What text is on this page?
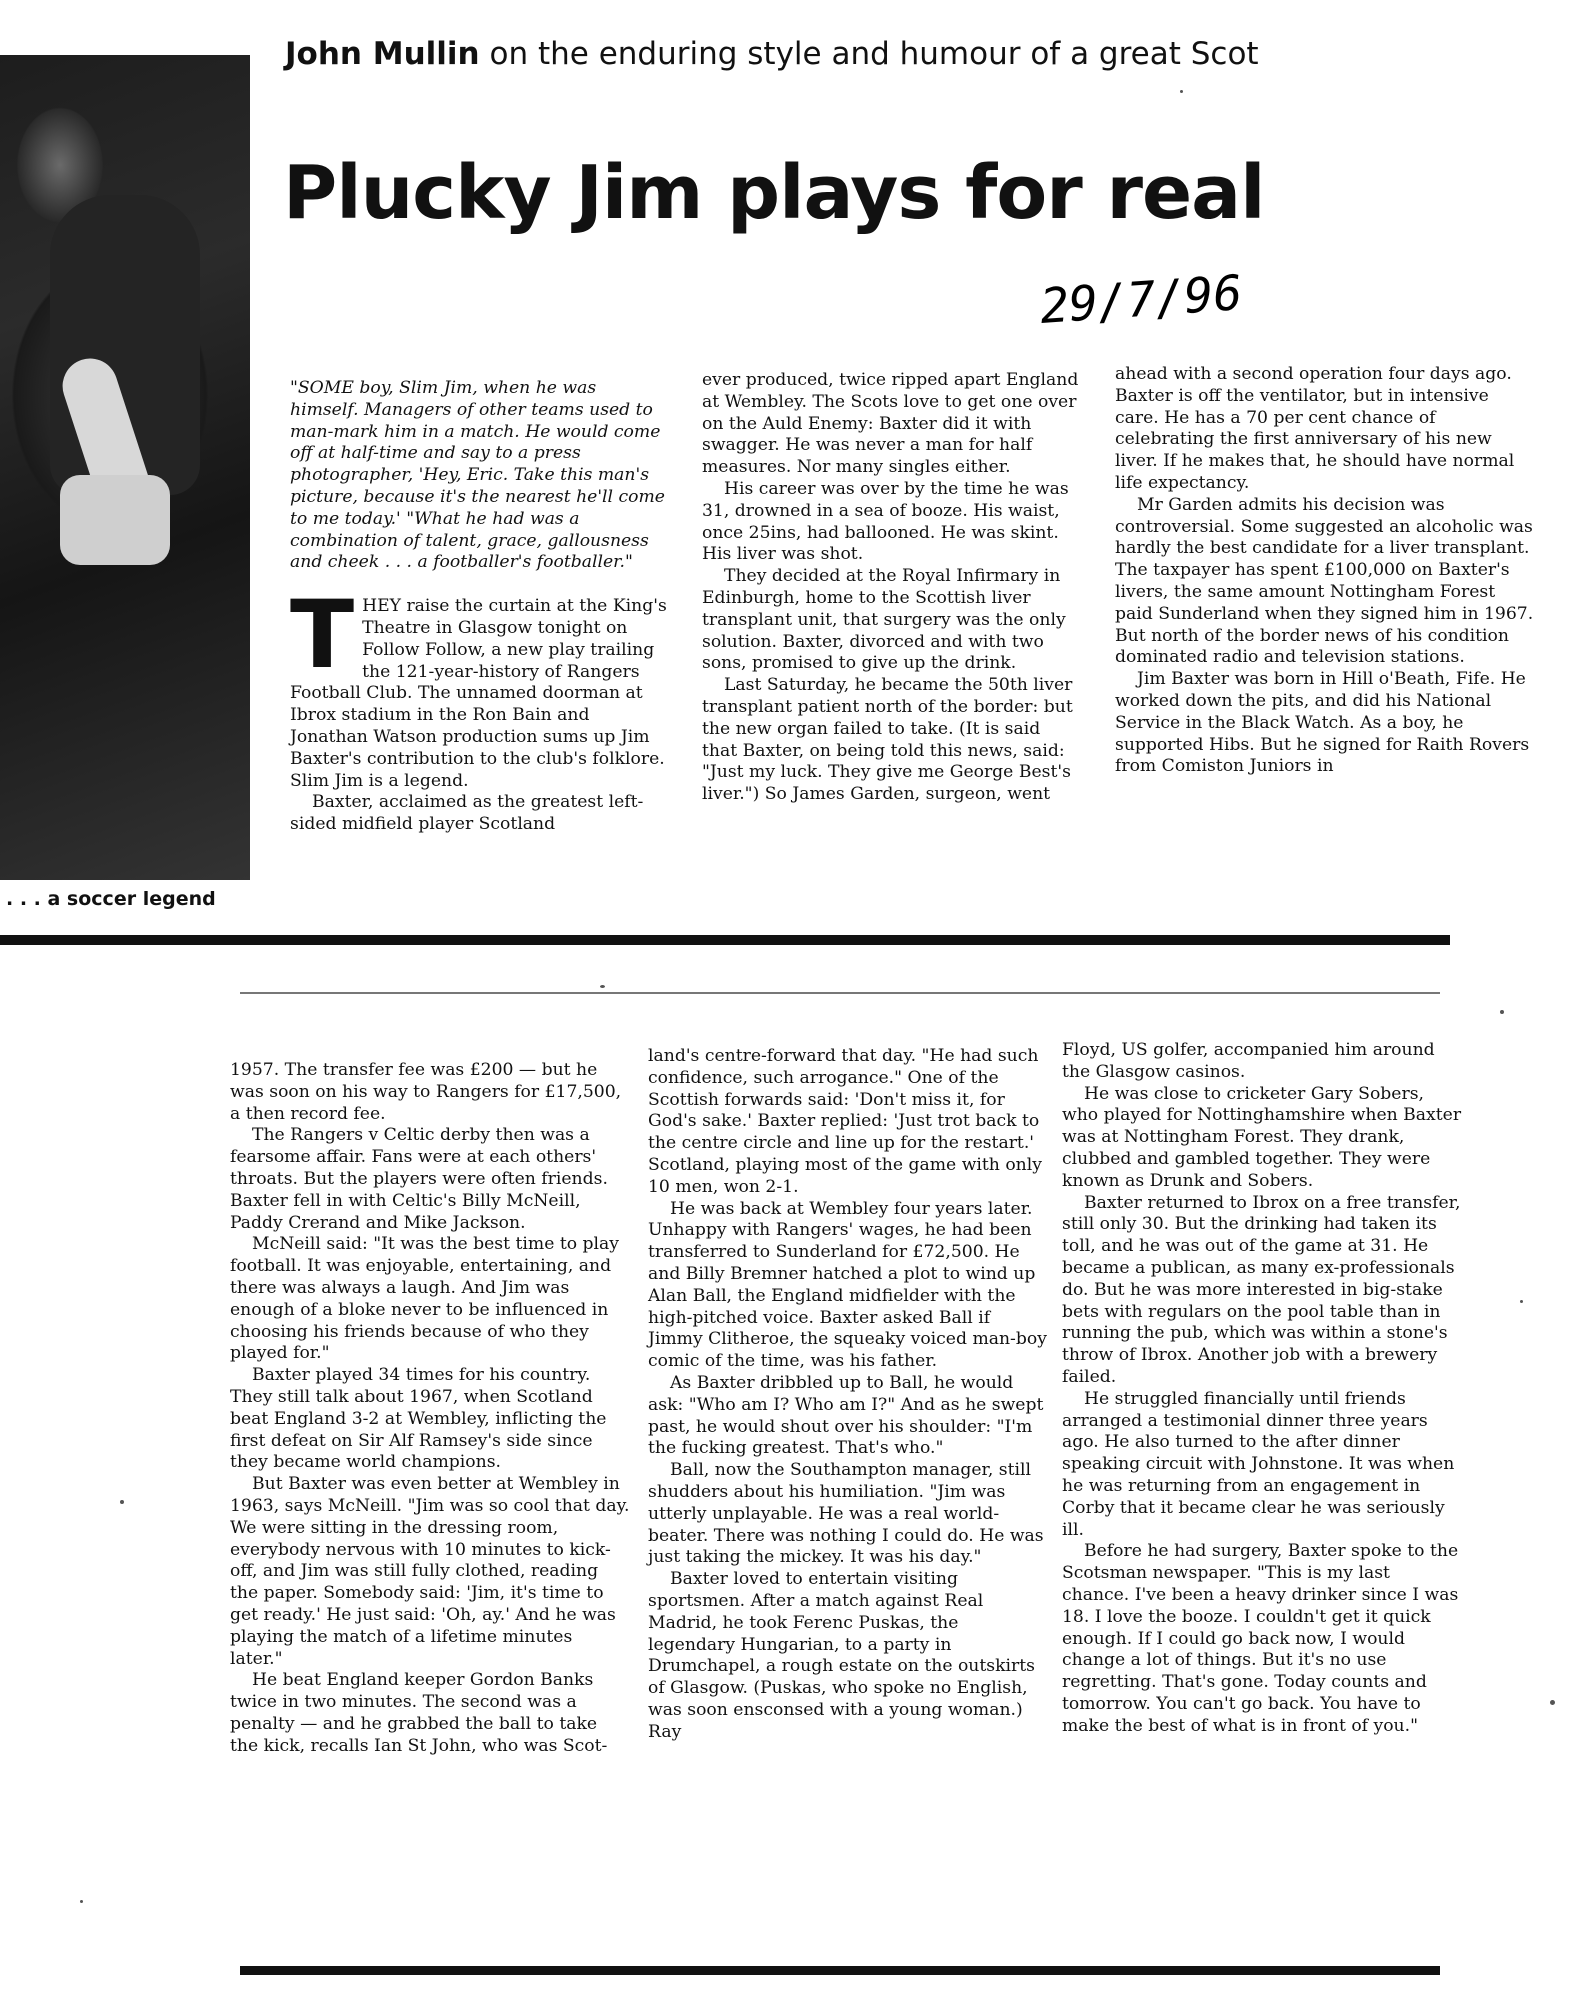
. . . a soccer legend
John Mullin on the enduring style and humour of a great Scot
Plucky Jim plays for real
29/7/96

"SOME boy, Slim Jim, when he was himself. Managers of other teams used to man-mark him in a match. He would come off at half-time and say to a press photographer, 'Hey, Eric. Take this man's picture, because it's the nearest he'll come to me today.' "What he had was a combination of talent, grace, gallousness and cheek . . . a footballer's footballer."

THEY raise the curtain at the King's Theatre in Glasgow tonight on Follow Follow, a new play trailing the 121-year-history of Rangers Football Club. The unnamed doorman at Ibrox stadium in the Ron Bain and Jonathan Watson production sums up Jim Baxter's contribution to the club's folklore. Slim Jim is a legend.

Baxter, acclaimed as the greatest left-sided midfield player Scotland

ever produced, twice ripped apart England at Wembley. The Scots love to get one over on the Auld Enemy: Baxter did it with swagger. He was never a man for half measures. Nor many singles either.

His career was over by the time he was 31, drowned in a sea of booze. His waist, once 25ins, had ballooned. He was skint. His liver was shot.

They decided at the Royal Infirmary in Edinburgh, home to the Scottish liver transplant unit, that surgery was the only solution. Baxter, divorced and with two sons, promised to give up the drink.

Last Saturday, he became the 50th liver transplant patient north of the border: but the new organ failed to take. (It is said that Baxter, on being told this news, said: "Just my luck. They give me George Best's liver.") So James Garden, surgeon, went

ahead with a second operation four days ago. Baxter is off the ventilator, but in intensive care. He has a 70 per cent chance of celebrating the first anniversary of his new liver. If he makes that, he should have normal life expectancy.

Mr Garden admits his decision was controversial. Some suggested an alcoholic was hardly the best candidate for a liver transplant. The taxpayer has spent £100,000 on Baxter's livers, the same amount Nottingham Forest paid Sunderland when they signed him in 1967. But north of the border news of his condition dominated radio and television stations.

Jim Baxter was born in Hill o'Beath, Fife. He worked down the pits, and did his National Service in the Black Watch. As a boy, he supported Hibs. But he signed for Raith Rovers from Comiston Juniors in

1957. The transfer fee was £200 — but he was soon on his way to Rangers for £17,500, a then record fee.

The Rangers v Celtic derby then was a fearsome affair. Fans were at each others' throats. But the players were often friends. Baxter fell in with Celtic's Billy McNeill, Paddy Crerand and Mike Jackson.

McNeill said: "It was the best time to play football. It was enjoyable, entertaining, and there was always a laugh. And Jim was enough of a bloke never to be influenced in choosing his friends because of who they played for."

Baxter played 34 times for his country. They still talk about 1967, when Scotland beat England 3-2 at Wembley, inflicting the first defeat on Sir Alf Ramsey's side since they became world champions.

But Baxter was even better at Wembley in 1963, says McNeill. "Jim was so cool that day. We were sitting in the dressing room, everybody nervous with 10 minutes to kick-off, and Jim was still fully clothed, reading the paper. Somebody said: 'Jim, it's time to get ready.' He just said: 'Oh, ay.' And he was playing the match of a lifetime minutes later."

He beat England keeper Gordon Banks twice in two minutes. The second was a penalty — and he grabbed the ball to take the kick, recalls Ian St John, who was Scot-

land's centre-forward that day. "He had such confidence, such arrogance." One of the Scottish forwards said: 'Don't miss it, for God's sake.' Baxter replied: 'Just trot back to the centre circle and line up for the restart.' Scotland, playing most of the game with only 10 men, won 2-1.

He was back at Wembley four years later. Unhappy with Rangers' wages, he had been transferred to Sunderland for £72,500. He and Billy Bremner hatched a plot to wind up Alan Ball, the England midfielder with the high-pitched voice. Baxter asked Ball if Jimmy Clitheroe, the squeaky voiced man-boy comic of the time, was his father.

As Baxter dribbled up to Ball, he would ask: "Who am I? Who am I?" And as he swept past, he would shout over his shoulder: "I'm the fucking greatest. That's who."

Ball, now the Southampton manager, still shudders about his humiliation. "Jim was utterly unplayable. He was a real world-beater. There was nothing I could do. He was just taking the mickey. It was his day."

Baxter loved to entertain visiting sportsmen. After a match against Real Madrid, he took Ferenc Puskas, the legendary Hungarian, to a party in Drumchapel, a rough estate on the outskirts of Glasgow. (Puskas, who spoke no English, was soon ensconsed with a young woman.) Ray

Floyd, US golfer, accompanied him around the Glasgow casinos.

He was close to cricketer Gary Sobers, who played for Nottinghamshire when Baxter was at Nottingham Forest. They drank, clubbed and gambled together. They were known as Drunk and Sobers.

Baxter returned to Ibrox on a free transfer, still only 30. But the drinking had taken its toll, and he was out of the game at 31. He became a publican, as many ex-professionals do. But he was more interested in big-stake bets with regulars on the pool table than in running the pub, which was within a stone's throw of Ibrox. Another job with a brewery failed.

He struggled financially until friends arranged a testimonial dinner three years ago. He also turned to the after dinner speaking circuit with Johnstone. It was when he was returning from an engagement in Corby that it became clear he was seriously ill.

Before he had surgery, Baxter spoke to the Scotsman newspaper. "This is my last chance. I've been a heavy drinker since I was 18. I love the booze. I couldn't get it quick enough. If I could go back now, I would change a lot of things. But it's no use regretting. That's gone. Today counts and tomorrow. You can't go back. You have to make the best of what is in front of you."
